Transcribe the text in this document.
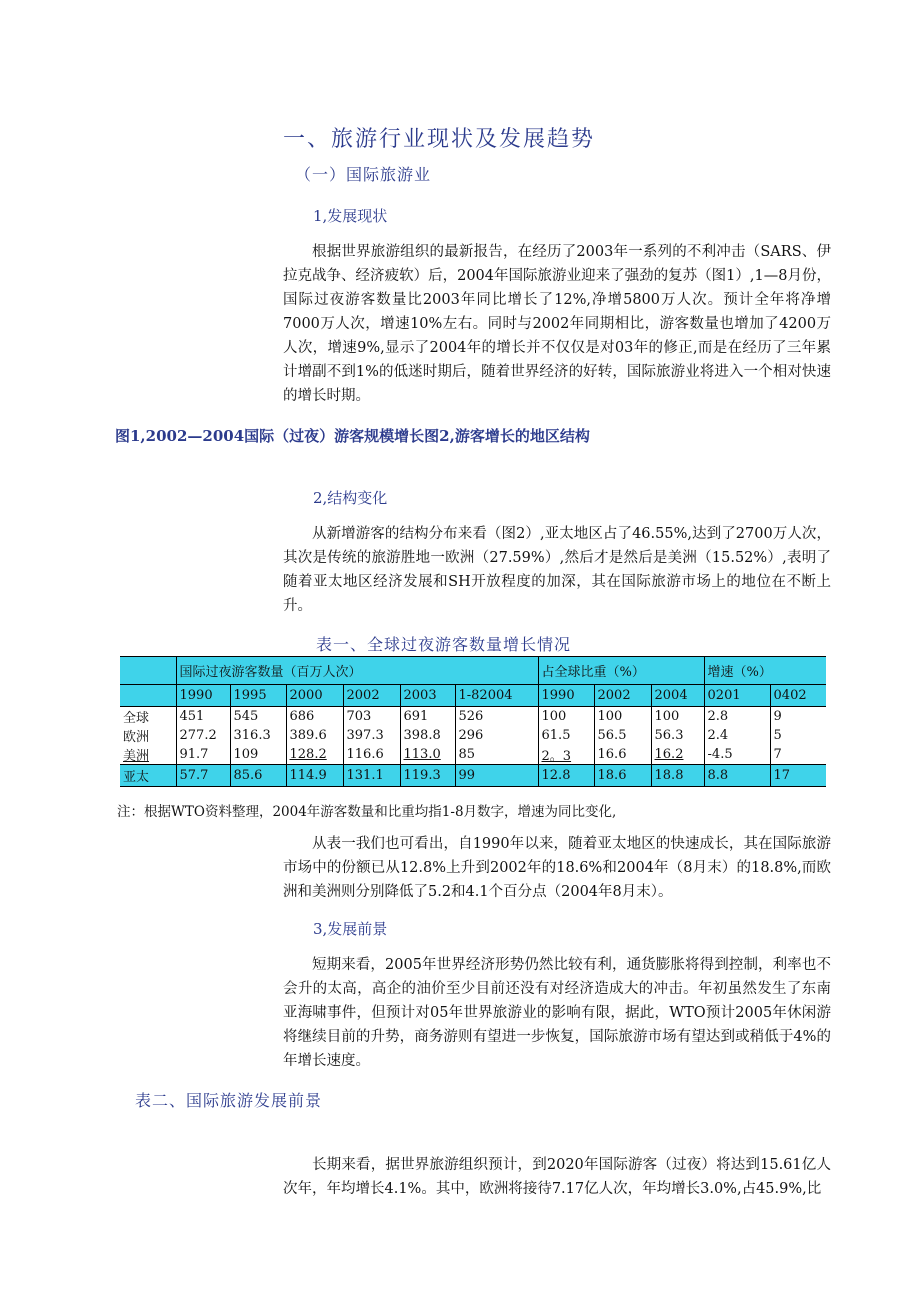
一、旅游行业现状及发展趋势
（一）国际旅游业
1,发展现状
根据世界旅游组织的最新报告，在经历了2003年一系列的不利冲击（SARS、伊拉克战争、经济疲软）后，2004年国际旅游业迎来了强劲的复苏（图1）,1—8月份，国际过夜游客数量比2003年同比增长了12%,净增5800万人次。预计全年将净增7000万人次，增速10%左右。同时与2002年同期相比，游客数量也增加了4200万人次，增速9%,显示了2004年的增长并不仅仅是对03年的修正,而是在经历了三年累计增副不到1%的低迷时期后，随着世界经济的好转，国际旅游业将进入一个相对快速的增长时期。
图1,2002—2004国际（过夜）游客规模增长图2,游客增长的地区结构
2,结构变化
从新增游客的结构分布来看（图2）,亚太地区占了46.55%,达到了2700万人次，其次是传统的旅游胜地一欧洲（27.59%）,然后才是然后是美洲（15.52%）,表明了随着亚太地区经济发展和SH开放程度的加深，其在国际旅游市场上的地位在不断上升。
表一、全球过夜游客数量增长情况
	国际过夜游客数量（百万人次）						占全球比重（%）			增速（%）	
	1990	1995	2000	2002	2003	1-82004	1990	2002	2004	0201	0402
全球	451	545	686	703	691	526	100	100	100	2.8	9
欧洲	277.2	316.3	389.6	397.3	398.8	296	61.5	56.5	56.3	2.4	5
美洲	91.7	109	128.2	116.6	113.0	85	2。3	16.6	16.2	-4.5	7
亚太	57.7	85.6	114.9	131.1	119.3	99	12.8	18.6	18.8	8.8	17
注：根据WTO资料整理，2004年游客数量和比重均指1-8月数字，增速为同比变化,
从表一我们也可看出，自1990年以来，随着亚太地区的快速成长，其在国际旅游市场中的份额已从12.8%上升到2002年的18.6%和2004年（8月末）的18.8%,而欧洲和美洲则分别降低了5.2和4.1个百分点（2004年8月末）。
3,发展前景
短期来看，2005年世界经济形势仍然比较有利，通货膨胀将得到控制，利率也不会升的太高，高企的油价至少目前还没有对经济造成大的冲击。年初虽然发生了东南亚海啸事件，但预计对05年世界旅游业的影响有限，据此，WTO预计2005年休闲游将继续目前的升势，商务游则有望进一步恢复，国际旅游市场有望达到或稍低于4%的年增长速度。
表二、国际旅游发展前景
长期来看，据世界旅游组织预计，到2020年国际游客（过夜）将达到15.61亿人次年，年均增长4.1%。其中，欧洲将接待7.17亿人次，年均增长3.0%,占45.9%,比
